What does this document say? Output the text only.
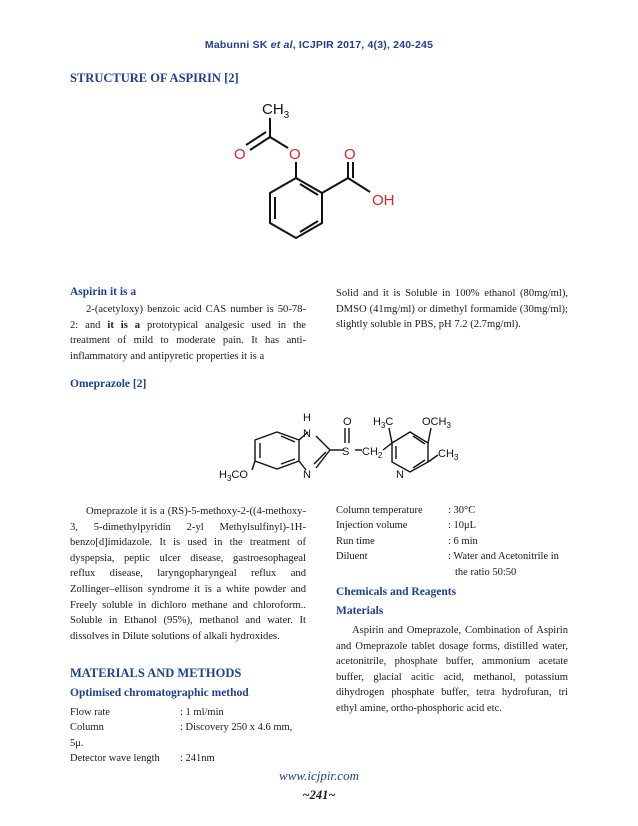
Mabunni SK et al, ICJPIR 2017, 4(3), 240-245
STRUCTURE OF ASPIRIN [2]
$CH_3$
O	O	O
OH
Aspirin it is a

2-(acetyloxy) benzoic acid CAS number is 50-78-2: and it is a prototypical analgesic used in the treatment of mild to moderate pain. It has anti-inflammatory and antipyretic properties it is a

Solid and it is Soluble in 100% ethanol (80mg/ml), DMSO (41mg/ml) or dimethyl formamide (30mg/ml); slightly soluble in PBS, pH 7.2 (2.7mg/ml).

Omeprazole [2]
H
N
N
O
S $CH_2$
N
$H_3C$	$OCH_3$
$CH_3$
$H_3CO$

Omeprazole it is a (RS)-5-methoxy-2-((4-methoxy-3, 5-dimethylpyridin 2-yl Methylsulfinyl)-1H-benzo[d]imidazole. It is used in the treatment of dyspepsia, peptic ulcer disease, gastroesophageal reflux disease, laryngopharyngeal reflux and Zollinger–ellison syndrome it is a white powder and Freely soluble in dichloro methane and chloroform.. Soluble in Ethanol (95%), methanol and water. It dissolves in Dilute solutions of alkali hydroxides.

MATERIALS AND METHODS
Optimised chromatographic method
Flow rate	: 1 ml/min
Column	: Discovery 250 x 4.6 mm,
5μ.
Detector wave length	: 241nm
Column temperature	: 30°C
Injection volume	: 10μL
Run time	: 6 min
Diluent	: Water and Acetonitrile in
the ratio 50:50
Chemicals and Reagents
Materials

Aspirin and Omeprazole, Combination of Aspirin and Omeprazole tablet dosage forms, distilled water, acetonitrile, phosphate buffer, ammonium acetate buffer, glacial acitic acid, methanol, potassium dihydrogen phosphate buffer, tetra hydrofuran, tri ethyl amine, ortho-phosphoric acid etc.

www.icjpir.com
~241~
